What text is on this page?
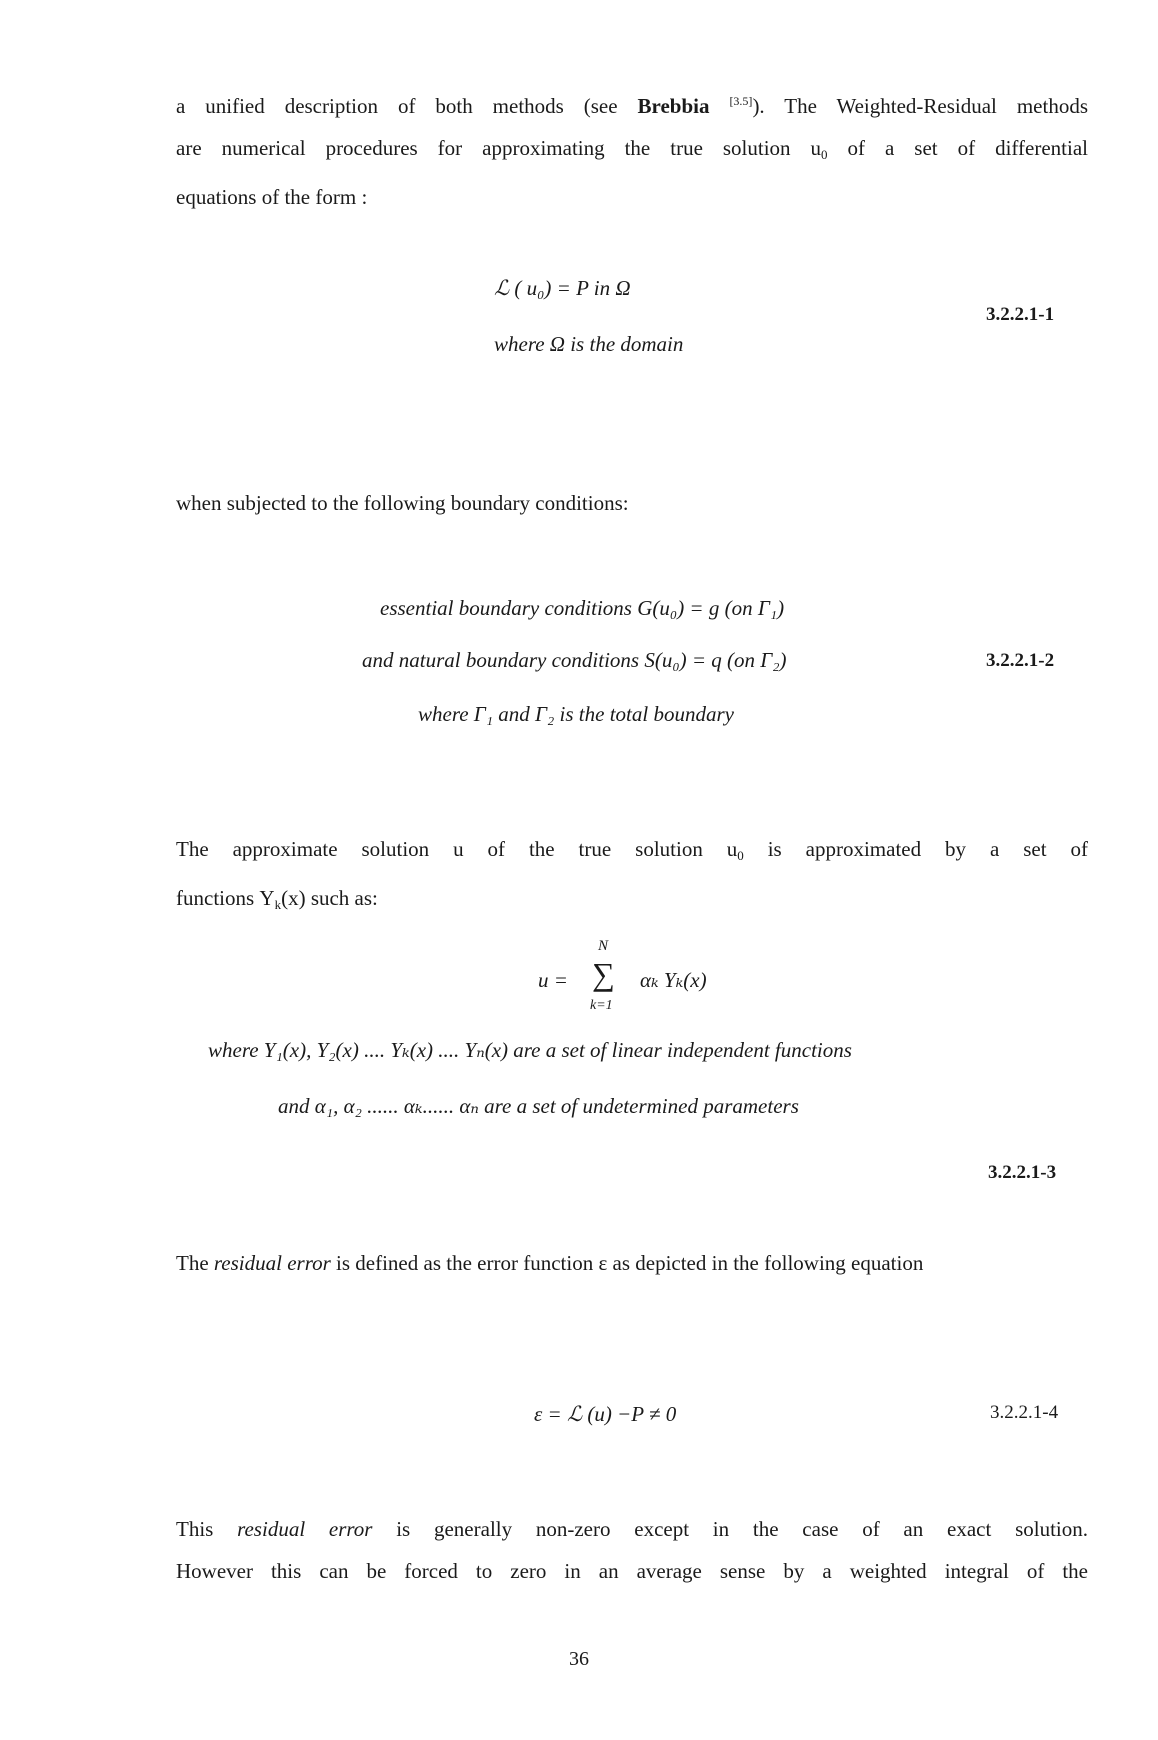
a unified description of both methods (see Brebbia [3.5]). The Weighted-Residual methods
are numerical procedures for approximating the true solution $u_0$ of a set of differential
equations of the form :
ℒ ( u₀) = P in Ω
where Ω is the domain
3.2.2.1-1
when subjected to the following boundary conditions:
essential boundary conditions G(u₀) = g (on Γ₁)
and natural boundary conditions S(u₀) = q (on Γ₂)
where Γ₁ and Γ₂ is the total boundary
3.2.2.1-2
The approximate solution u of the true solution $u_0$ is approximated by a set of
functions $\Upsilon_k(x)$ such as:
u =
N
∑
k=1
αₖ Υₖ(x)
where Υ₁(x), Υ₂(x) .... Υₖ(x) .... Υₙ(x) are a set of linear independent functions
and α₁, α₂ ...... αₖ...... αₙ are a set of undetermined parameters
3.2.2.1-3
The residual error is defined as the error function ε as depicted in the following equation
ε = ℒ (u) −P ≠ 0	3.2.2.1-4
This residual error is generally non-zero except in the case of an exact solution.
However this can be forced to zero in an average sense by a weighted integral of the
36
